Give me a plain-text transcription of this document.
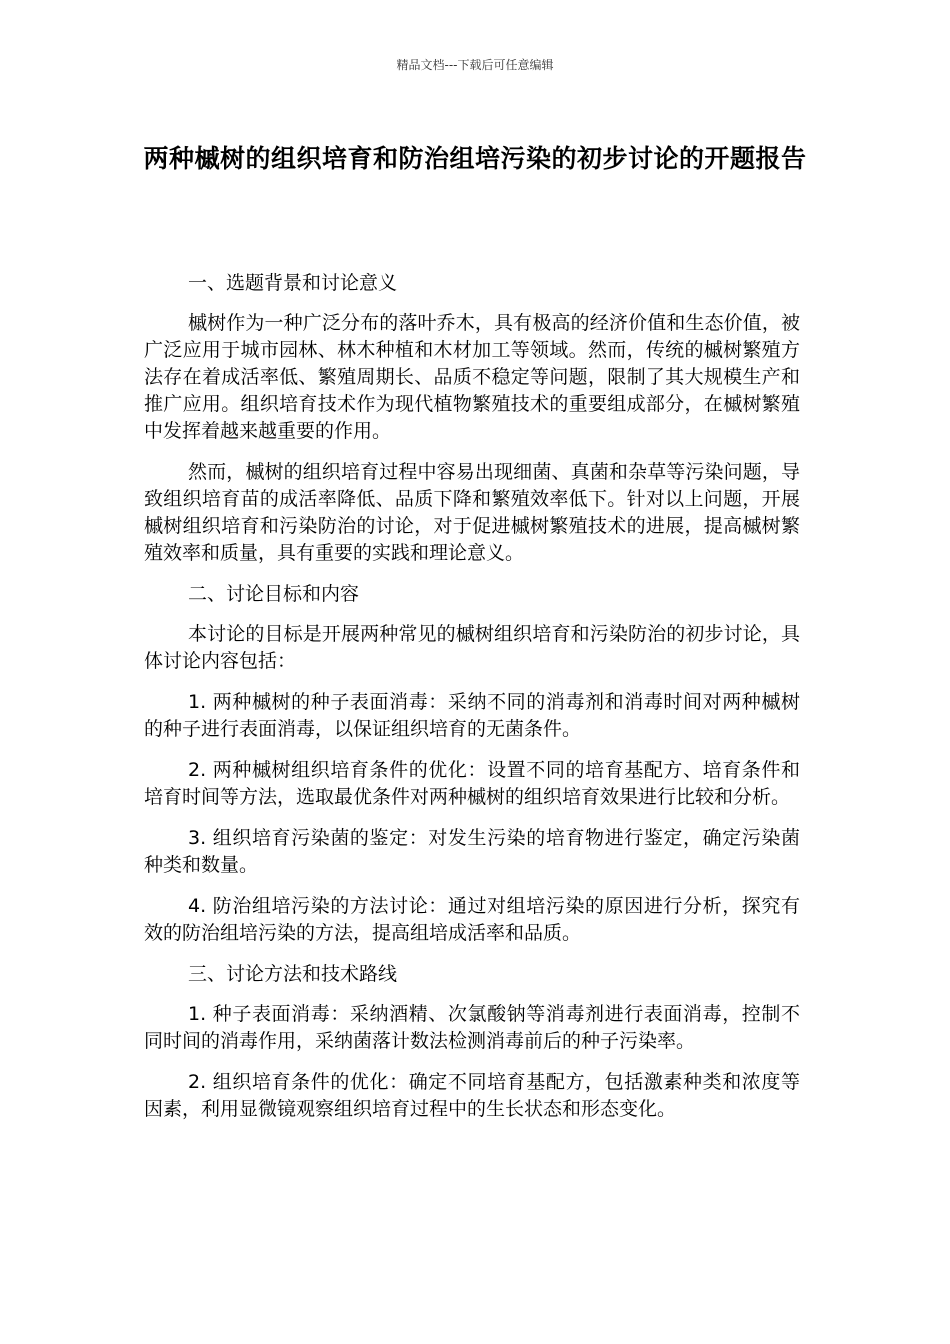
精品文档---下载后可任意编辑
两种槭树的组织培育和防治组培污染的初步讨论的开题报告

一、选题背景和讨论意义

槭树作为一种广泛分布的落叶乔木，具有极高的经济价值和生态价值，被广泛应用于城市园林、林木种植和木材加工等领域。然而，传统的槭树繁殖方法存在着成活率低、繁殖周期长、品质不稳定等问题，限制了其大规模生产和推广应用。组织培育技术作为现代植物繁殖技术的重要组成部分，在槭树繁殖中发挥着越来越重要的作用。

然而，槭树的组织培育过程中容易出现细菌、真菌和杂草等污染问题，导致组织培育苗的成活率降低、品质下降和繁殖效率低下。针对以上问题，开展槭树组织培育和污染防治的讨论，对于促进槭树繁殖技术的进展，提高槭树繁殖效率和质量，具有重要的实践和理论意义。

二、讨论目标和内容

本讨论的目标是开展两种常见的槭树组织培育和污染防治的初步讨论，具体讨论内容包括：

1. 两种槭树的种子表面消毒：采纳不同的消毒剂和消毒时间对两种槭树的种子进行表面消毒，以保证组织培育的无菌条件。

2. 两种槭树组织培育条件的优化：设置不同的培育基配方、培育条件和培育时间等方法，选取最优条件对两种槭树的组织培育效果进行比较和分析。

3. 组织培育污染菌的鉴定：对发生污染的培育物进行鉴定，确定污染菌种类和数量。

4. 防治组培污染的方法讨论：通过对组培污染的原因进行分析，探究有效的防治组培污染的方法，提高组培成活率和品质。

三、讨论方法和技术路线

1. 种子表面消毒：采纳酒精、次氯酸钠等消毒剂进行表面消毒，控制不同时间的消毒作用，采纳菌落计数法检测消毒前后的种子污染率。

2. 组织培育条件的优化：确定不同培育基配方，包括激素种类和浓度等因素，利用显微镜观察组织培育过程中的生长状态和形态变化。
